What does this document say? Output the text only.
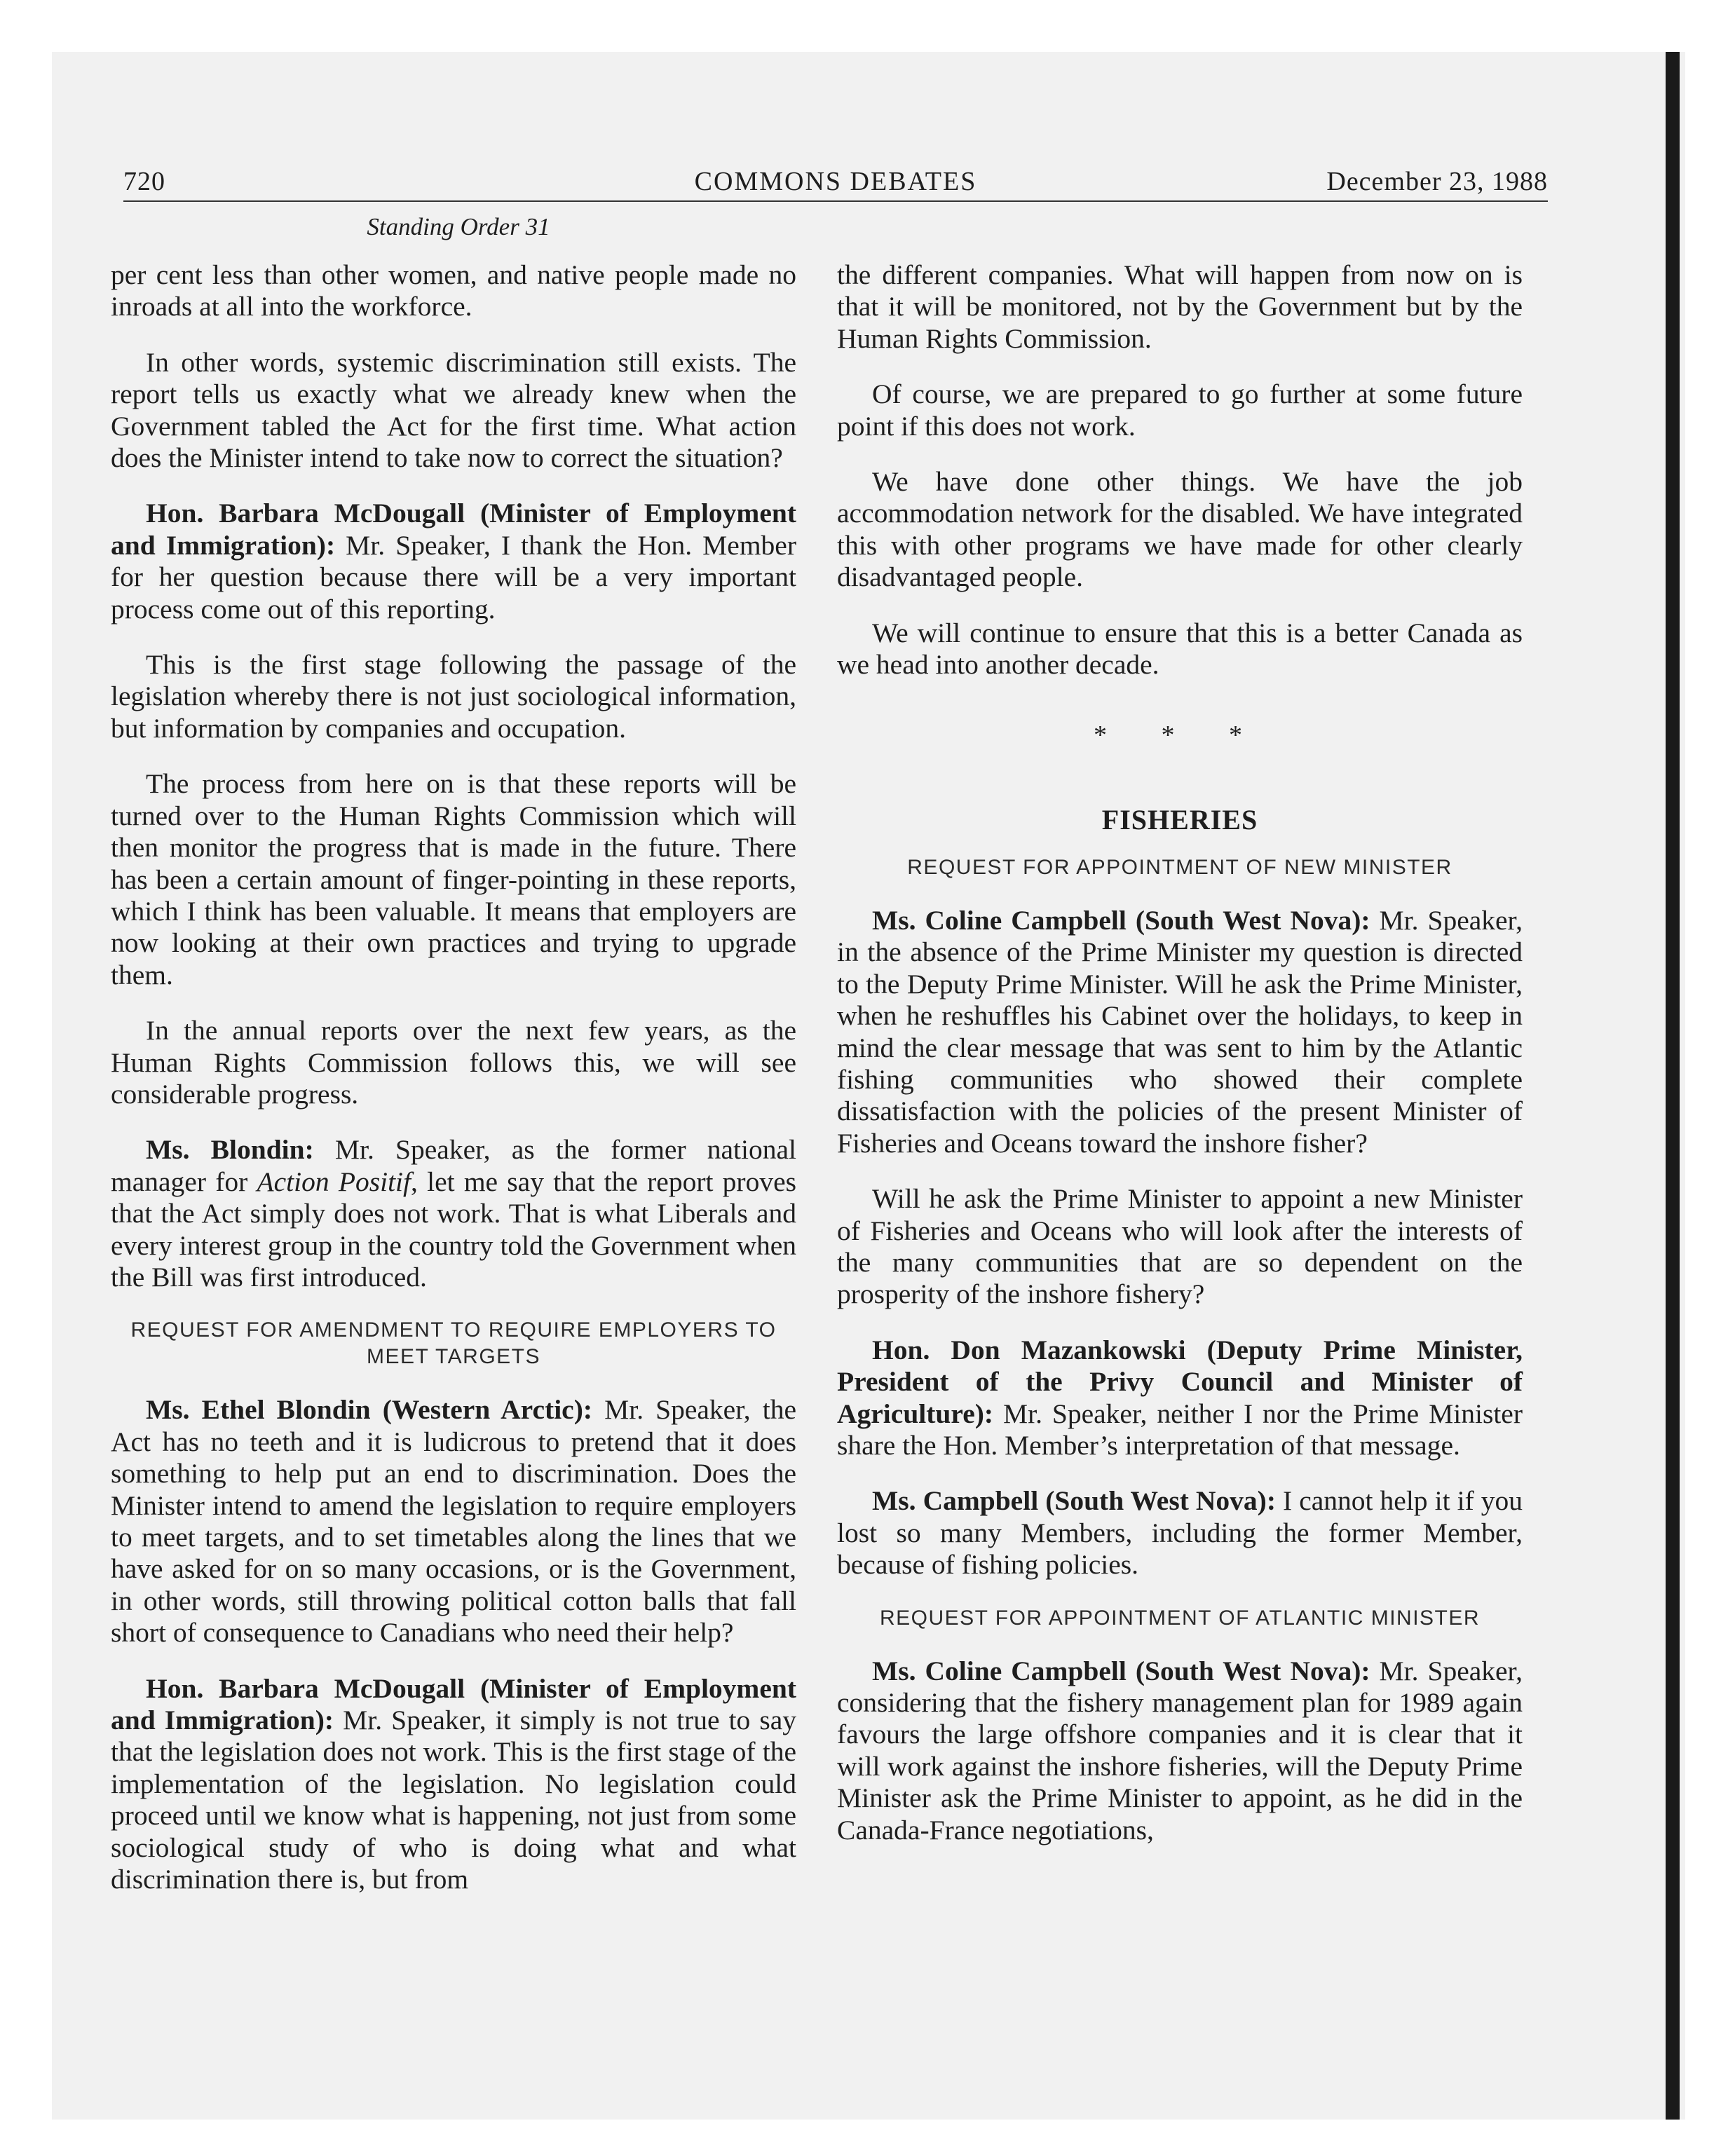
720	COMMONS DEBATES	December 23, 1988
Standing Order 31

per cent less than other women, and native people made no inroads at all into the workforce.

In other words, systemic discrimination still exists. The report tells us exactly what we already knew when the Government tabled the Act for the first time. What action does the Minister intend to take now to correct the situation?

Hon. Barbara McDougall (Minister of Employment and Immigration): Mr. Speaker, I thank the Hon. Member for her question because there will be a very important process come out of this reporting.

This is the first stage following the passage of the legislation whereby there is not just sociological information, but information by companies and occupation.

The process from here on is that these reports will be turned over to the Human Rights Commission which will then monitor the progress that is made in the future. There has been a certain amount of finger-pointing in these reports, which I think has been valuable. It means that employers are now looking at their own practices and trying to upgrade them.

In the annual reports over the next few years, as the Human Rights Commission follows this, we will see considerable progress.

Ms. Blondin: Mr. Speaker, as the former national manager for Action Positif, let me say that the report proves that the Act simply does not work. That is what Liberals and every interest group in the country told the Government when the Bill was first introduced.

REQUEST FOR AMENDMENT TO REQUIRE EMPLOYERS TO MEET TARGETS

Ms. Ethel Blondin (Western Arctic): Mr. Speaker, the Act has no teeth and it is ludicrous to pretend that it does something to help put an end to discrimination. Does the Minister intend to amend the legislation to require employers to meet targets, and to set timetables along the lines that we have asked for on so many occasions, or is the Government, in other words, still throwing political cotton balls that fall short of consequence to Canadians who need their help?

Hon. Barbara McDougall (Minister of Employment and Immigration): Mr. Speaker, it simply is not true to say that the legislation does not work. This is the first stage of the implementation of the legislation. No legislation could proceed until we know what is happening, not just from some sociological study of who is doing what and what discrimination there is, but from

the different companies. What will happen from now on is that it will be monitored, not by the Government but by the Human Rights Commission.

Of course, we are prepared to go further at some future point if this does not work.

We have done other things. We have the job accommodation network for the disabled. We have integrated this with other programs we have made for other clearly disadvantaged people.

We will continue to ensure that this is a better Canada as we head into another decade.

* * *
FISHERIES
REQUEST FOR APPOINTMENT OF NEW MINISTER

Ms. Coline Campbell (South West Nova): Mr. Speaker, in the absence of the Prime Minister my question is directed to the Deputy Prime Minister. Will he ask the Prime Minister, when he reshuffles his Cabinet over the holidays, to keep in mind the clear message that was sent to him by the Atlantic fishing communities who showed their complete dissatisfaction with the policies of the present Minister of Fisheries and Oceans toward the inshore fisher?

Will he ask the Prime Minister to appoint a new Minister of Fisheries and Oceans who will look after the interests of the many communities that are so dependent on the prosperity of the inshore fishery?

Hon. Don Mazankowski (Deputy Prime Minister, President of the Privy Council and Minister of Agriculture): Mr. Speaker, neither I nor the Prime Minister share the Hon. Member’s interpretation of that message.

Ms. Campbell (South West Nova): I cannot help it if you lost so many Members, including the former Member, because of fishing policies.

REQUEST FOR APPOINTMENT OF ATLANTIC MINISTER

Ms. Coline Campbell (South West Nova): Mr. Speaker, considering that the fishery management plan for 1989 again favours the large offshore companies and it is clear that it will work against the inshore fisheries, will the Deputy Prime Minister ask the Prime Minister to appoint, as he did in the Canada-France negotiations,
